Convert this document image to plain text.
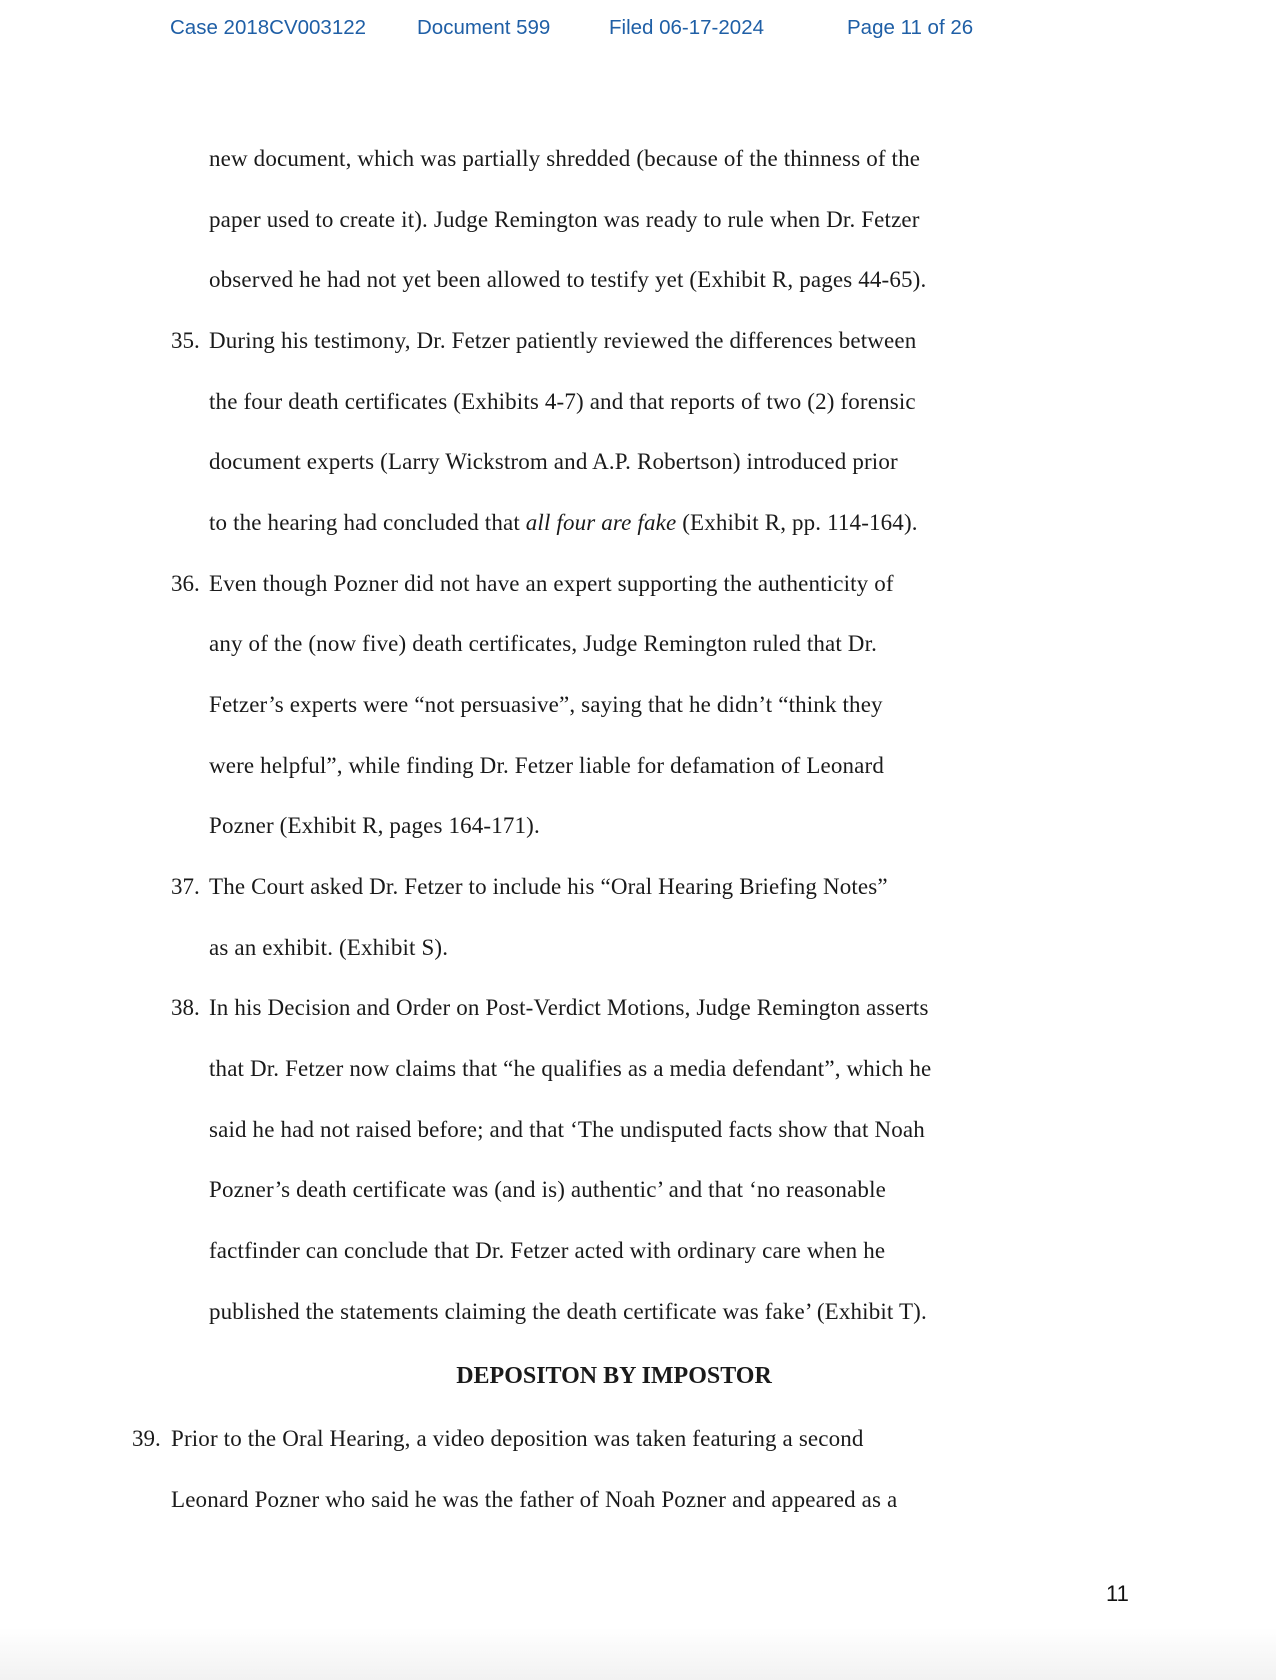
Case 2018CV003122 Document 599	Filed 06-17-2024	Page 11 of 26
new document, which was partially shredded (because of the thinness of the
paper used to create it). Judge Remington was ready to rule when Dr. Fetzer
observed he had not yet been allowed to testify yet (Exhibit R, pages 44-65).
35. During his testimony, Dr. Fetzer patiently reviewed the differences between
the four death certificates (Exhibits 4-7) and that reports of two (2) forensic
document experts (Larry Wickstrom and A.P. Robertson) introduced prior
to the hearing had concluded that all four are fake (Exhibit R, pp. 114-164).
36. Even though Pozner did not have an expert supporting the authenticity of
any of the (now five) death certificates, Judge Remington ruled that Dr.
Fetzer’s experts were “not persuasive”, saying that he didn’t “think they
were helpful”, while finding Dr. Fetzer liable for defamation of Leonard
Pozner (Exhibit R, pages 164-171).
37. The Court asked Dr. Fetzer to include his “Oral Hearing Briefing Notes”
as an exhibit. (Exhibit S).
38. In his Decision and Order on Post-Verdict Motions, Judge Remington asserts
that Dr. Fetzer now claims that “he qualifies as a media defendant”, which he
said he had not raised before; and that ‘The undisputed facts show that Noah
Pozner’s death certificate was (and is) authentic’ and that ‘no reasonable
factfinder can conclude that Dr. Fetzer acted with ordinary care when he
published the statements claiming the death certificate was fake’ (Exhibit T).
DEPOSITON BY IMPOSTOR
39. Prior to the Oral Hearing, a video deposition was taken featuring a second
Leonard Pozner who said he was the father of Noah Pozner and appeared as a
11
